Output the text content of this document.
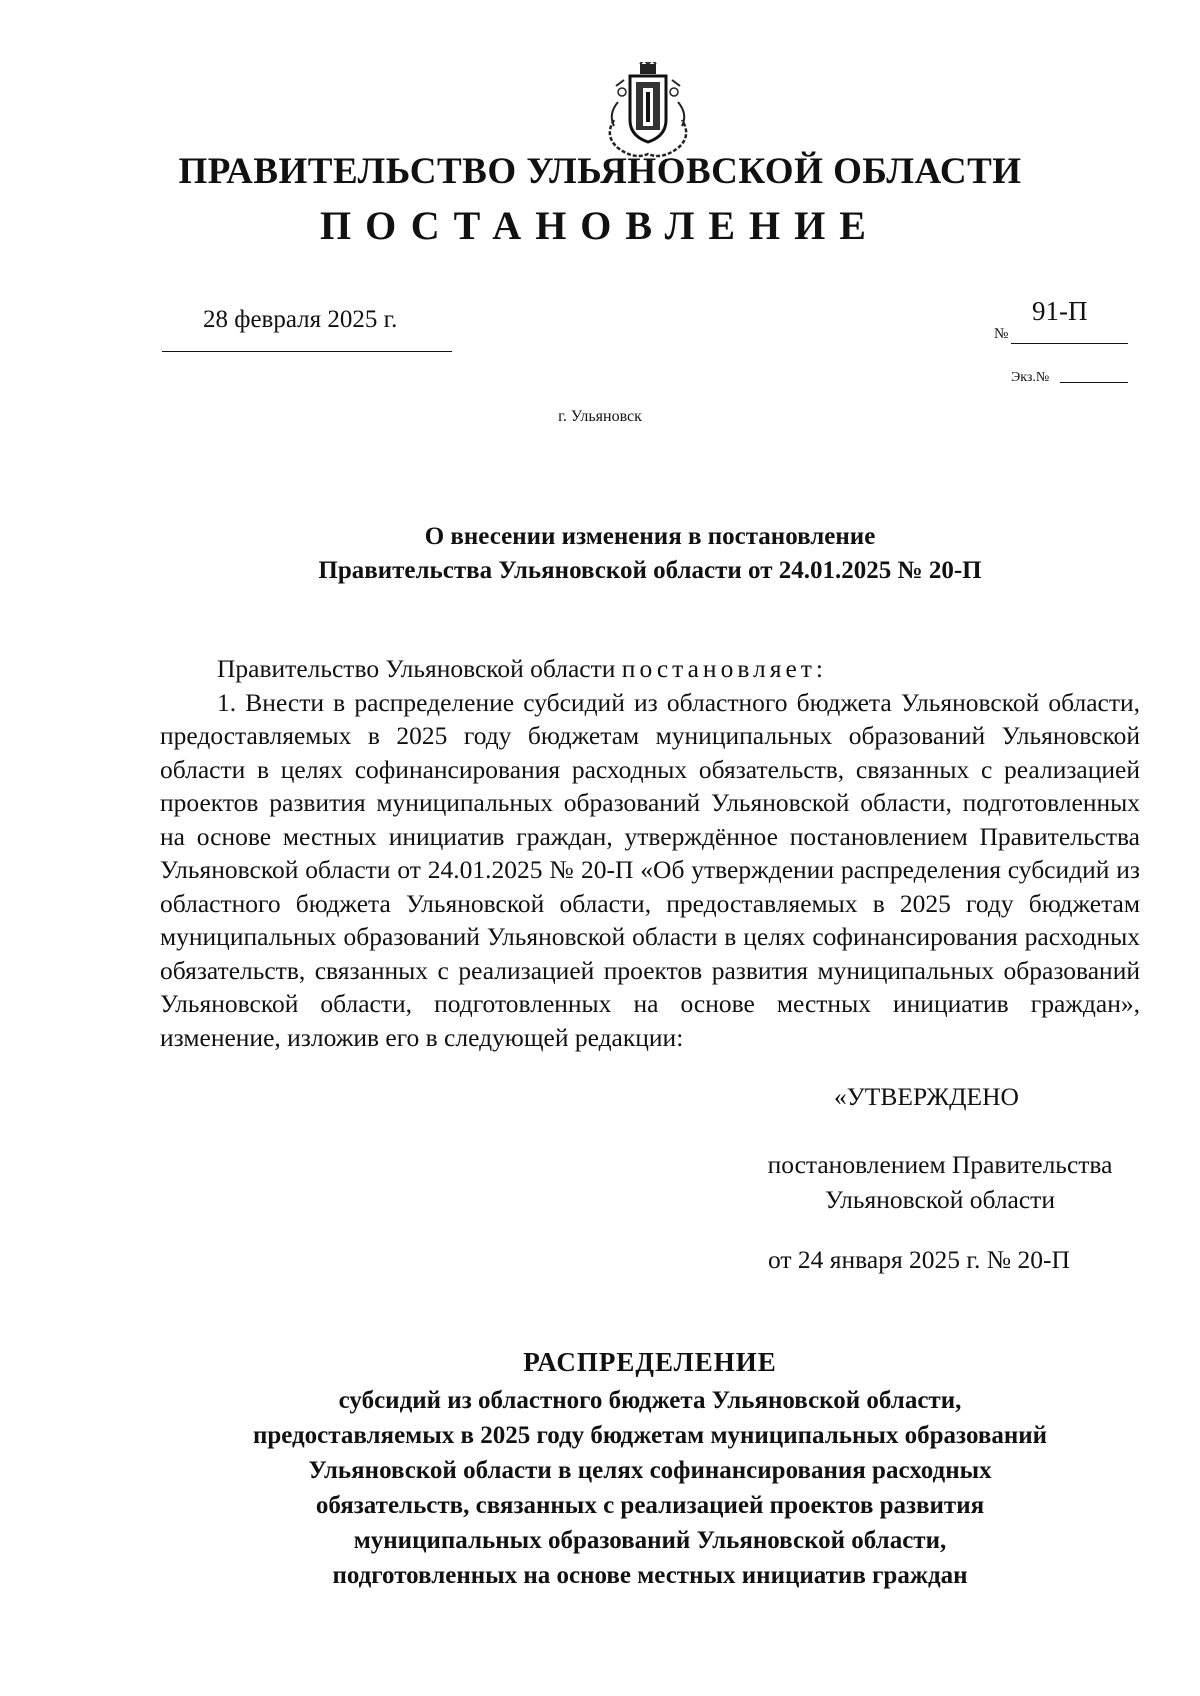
ПРАВИТЕЛЬСТВО УЛЬЯНОВСКОЙ ОБЛАСТИ
ПОСТАНОВЛЕНИЕ
28 февраля 2025 г.
№
91-П
Экз.№
г. Ульяновск
О внесении изменения в постановление
Правительства Ульяновской области от 24.01.2025 № 20-П

Правительство Ульяновской области постановляет:

1. Внести в распределение субсидий из областного бюджета Ульяновской области, предоставляемых в 2025 году бюджетам муниципальных образований Ульяновской области в целях софинансирования расходных обязательств, связанных с реализацией проектов развития муниципальных образований Ульяновской области, подготовленных на основе местных инициатив граждан, утверждённое постановлением Правительства Ульяновской области от 24.01.2025 № 20-П «Об утверждении распределения субсидий из областного бюджета Ульяновской области, предоставляемых в 2025 году бюджетам муниципальных образований Ульяновской области в целях софинансирования расходных обязательств, связанных с реализацией проектов развития муниципальных образований Ульяновской области, подготовленных на основе местных инициатив граждан», изменение, изложив его в следующей редакции:

«УТВЕРЖДЕНО
постановлением Правительства
Ульяновской области
от 24 января 2025 г. № 20-П
РАСПРЕДЕЛЕНИЕ
субсидий из областного бюджета Ульяновской области,
предоставляемых в 2025 году бюджетам муниципальных образований
Ульяновской области в целях софинансирования расходных
обязательств, связанных с реализацией проектов развития
муниципальных образований Ульяновской области,
подготовленных на основе местных инициатив граждан
